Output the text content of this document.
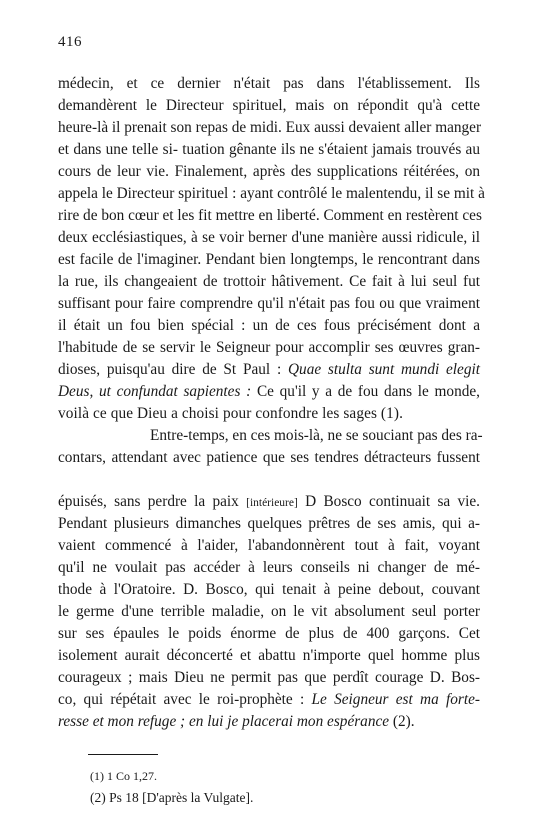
416
médecin, et ce dernier n'était pas dans l'établissement. Ils
demandèrent le Directeur spirituel, mais on répondit qu'à cette
heure-là il prenait son repas de midi. Eux aussi devaient aller manger
et dans une telle si- tuation gênante ils ne s'étaient jamais trouvés au
cours de leur vie. Finalement, après des supplications réitérées, on
appela le Directeur spirituel : ayant contrôlé le malentendu, il se mit à
rire de bon cœur et les fit mettre en liberté. Comment en restèrent ces
deux ecclésiastiques, à se voir berner d'une manière aussi ridicule, il
est facile de l'imaginer. Pendant bien longtemps, le rencontrant dans
la rue, ils changeaient de trottoir hâtivement. Ce fait à lui seul fut
suffisant pour faire comprendre qu'il n'était pas fou ou que vraiment
il était un fou bien spécial : un de ces fous précisément dont a
l'habitude de se servir le Seigneur pour accomplir ses œuvres gran-
dioses, puisqu'au dire de St Paul : Quae stulta sunt mundi elegit
Deus, ut confundat sapientes : Ce qu'il y a de fou dans le monde,
voilà ce que Dieu a choisi pour confondre les sages (1).
Entre-temps, en ces mois-là, ne se souciant pas des ra-
contars, attendant avec patience que ses tendres détracteurs fussent
épuisés, sans perdre la paix [intérieure] D Bosco continuait sa vie.
Pendant plusieurs dimanches quelques prêtres de ses amis, qui a-
vaient commencé à l'aider, l'abandonnèrent tout à fait, voyant
qu'il ne voulait pas accéder à leurs conseils ni changer de mé-
thode à l'Oratoire. D. Bosco, qui tenait à peine debout, couvant
le germe d'une terrible maladie, on le vit absolument seul porter
sur ses épaules le poids énorme de plus de 400 garçons. Cet
isolement aurait déconcerté et abattu n'importe quel homme plus
courageux ; mais Dieu ne permit pas que perdît courage D. Bos-
co, qui répétait avec le roi-prophète : Le Seigneur est ma forte-
resse et mon refuge ; en lui je placerai mon espérance (2).
(1) 1 Co 1,27.
(2) Ps 18 [D'après la Vulgate].
